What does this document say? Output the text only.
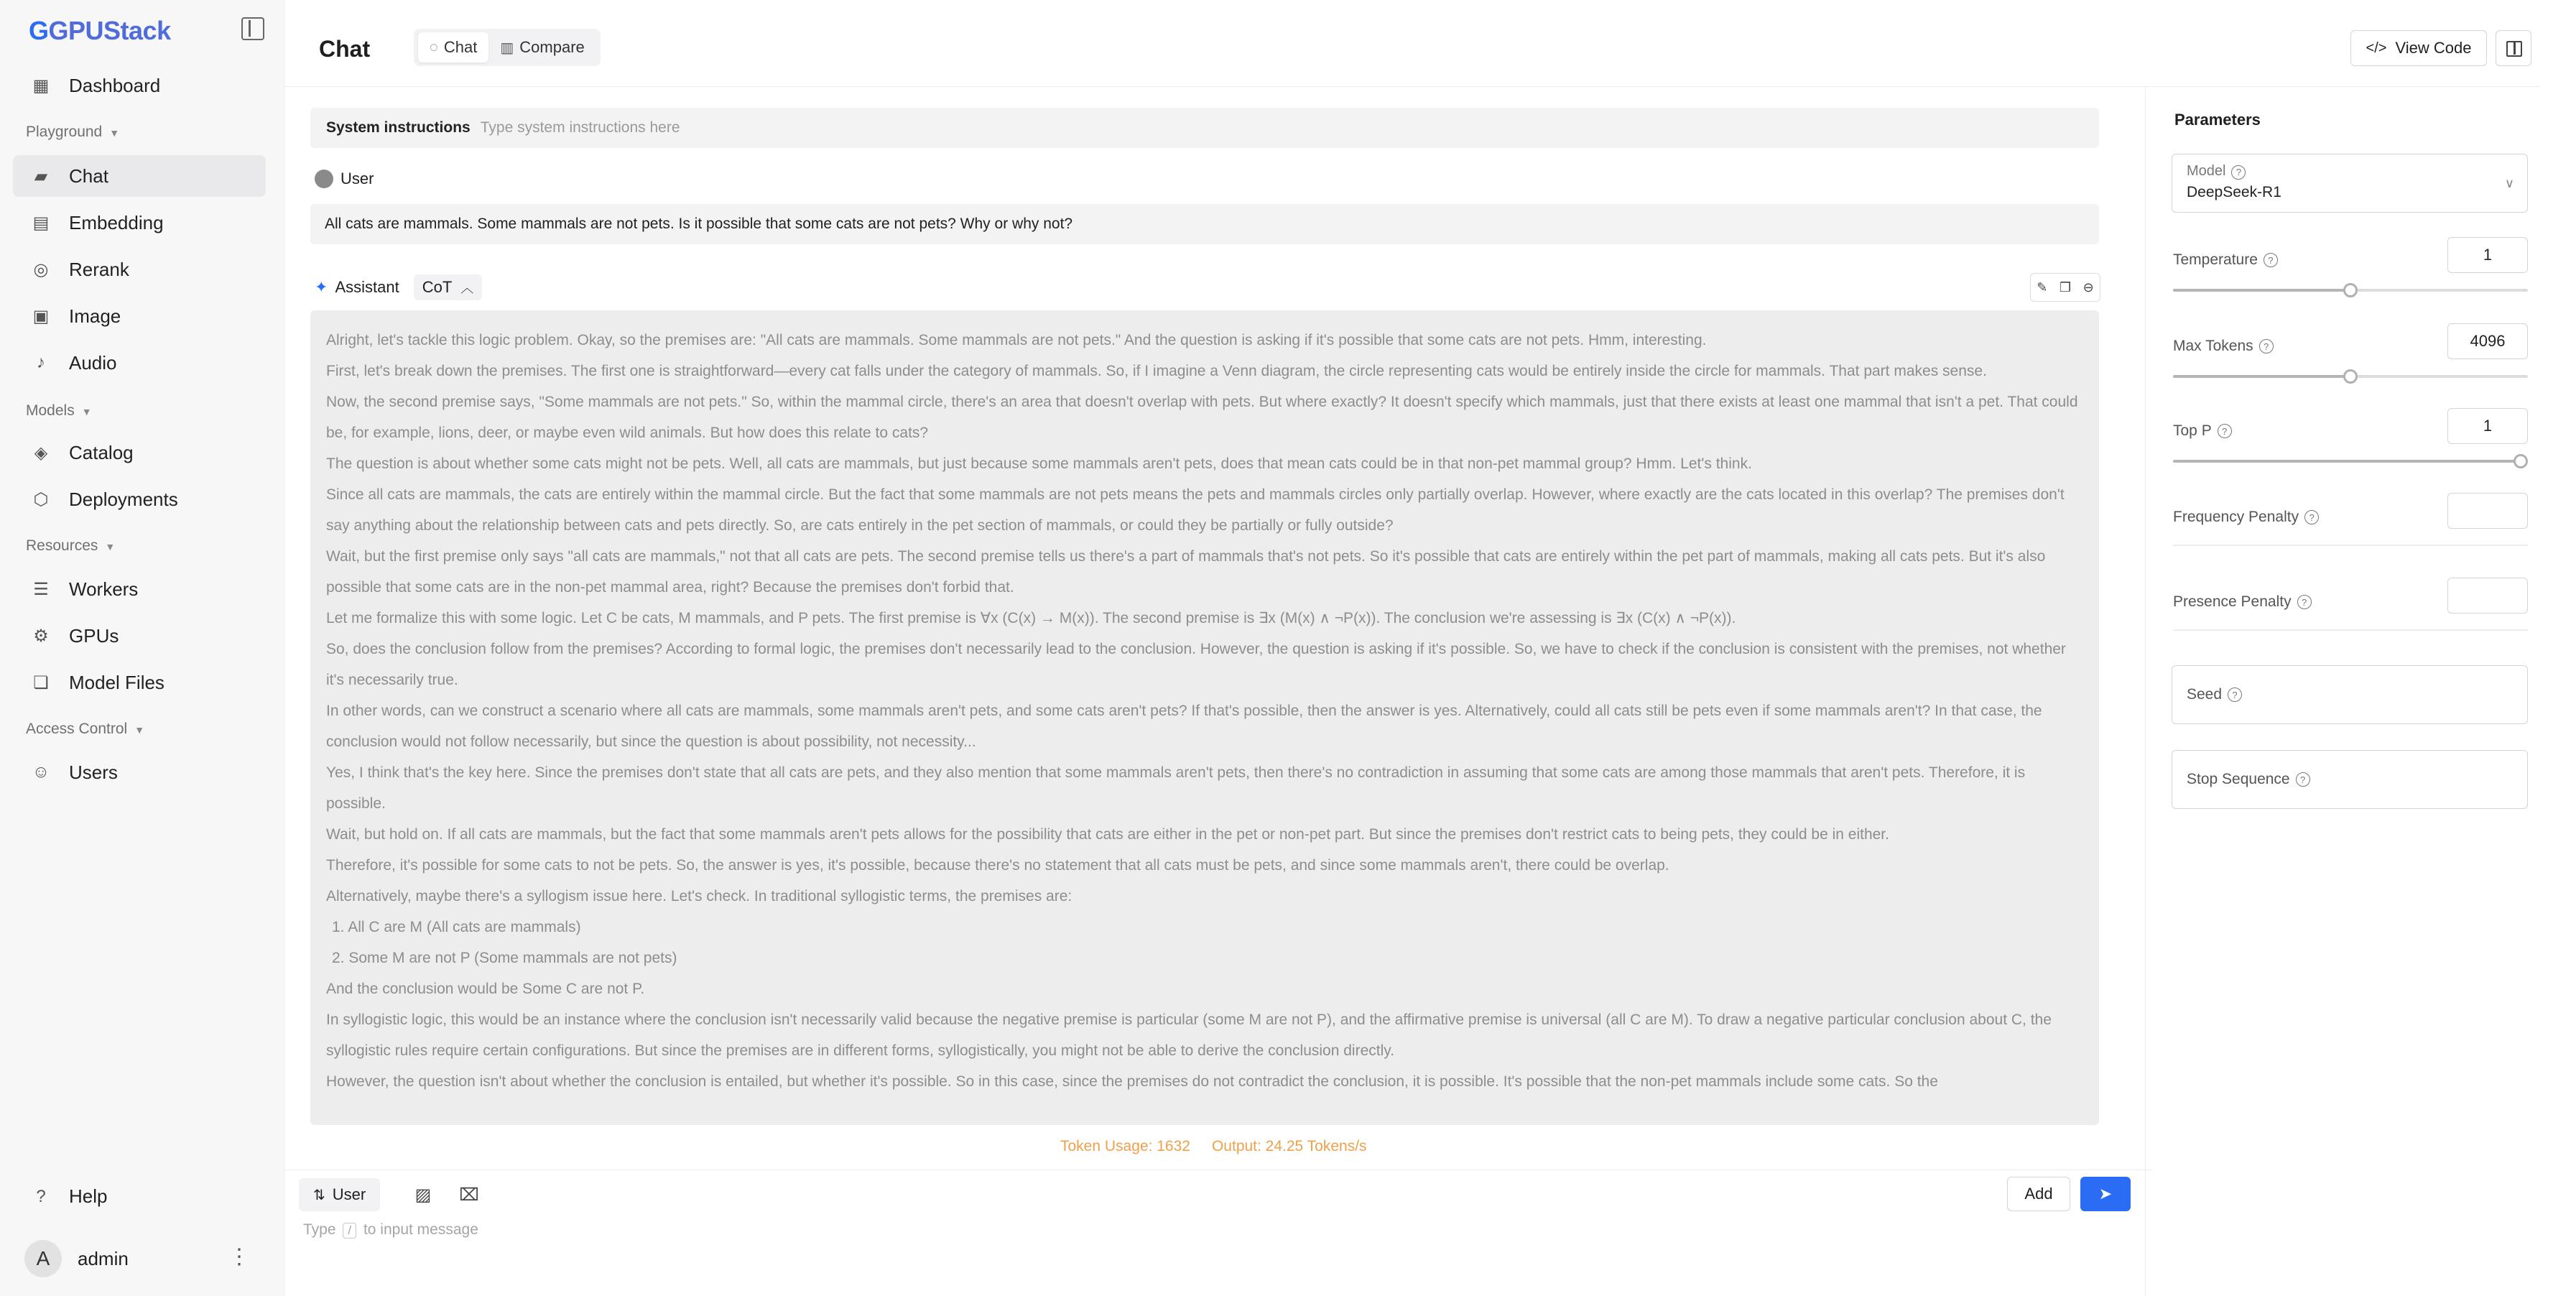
GGPUStack
▦ Dashboard
Playground ▼
▰ Chat
▤ Embedding
◎ Rerank
▣ Image
♪ Audio
Models ▼
◈ Catalog
⬡ Deployments
Resources ▼
☰ Workers
⚙ GPUs
❏ Model Files
Access Control ▼
☺ Users
? Help
A	admin	⋮
Chat	◌ Chat ▥ Compare
System instructions Type system instructions here
User
All cats are mammals. Some mammals are not pets. Is it possible that some cats are not pets? Why or why not?
✦ Assistant CoT ︿	✎ ❐ ⊖

Alright, let's tackle this logic problem. Okay, so the premises are: "All cats are mammals. Some mammals are not pets." And the question is asking if it's possible that some cats are not pets. Hmm, interesting.

First, let's break down the premises. The first one is straightforward—every cat falls under the category of mammals. So, if I imagine a Venn diagram, the circle representing cats would be entirely inside the circle for mammals. That part makes sense.

Now, the second premise says, "Some mammals are not pets." So, within the mammal circle, there's an area that doesn't overlap with pets. But where exactly? It doesn't specify which mammals, just that there exists at least one mammal that isn't a pet. That could be, for example, lions, deer, or maybe even wild animals. But how does this relate to cats?

The question is about whether some cats might not be pets. Well, all cats are mammals, but just because some mammals aren't pets, does that mean cats could be in that non-pet mammal group? Hmm. Let's think.

Since all cats are mammals, the cats are entirely within the mammal circle. But the fact that some mammals are not pets means the pets and mammals circles only partially overlap. However, where exactly are the cats located in this overlap? The premises don't say anything about the relationship between cats and pets directly. So, are cats entirely in the pet section of mammals, or could they be partially or fully outside?

Wait, but the first premise only says "all cats are mammals," not that all cats are pets. The second premise tells us there's a part of mammals that's not pets. So it's possible that cats are entirely within the pet part of mammals, making all cats pets. But it's also possible that some cats are in the non-pet mammal area, right? Because the premises don't forbid that.

Let me formalize this with some logic. Let C be cats, M mammals, and P pets. The first premise is ∀x (C(x) → M(x)). The second premise is ∃x (M(x) ∧ ¬P(x)). The conclusion we're assessing is ∃x (C(x) ∧ ¬P(x)).

So, does the conclusion follow from the premises? According to formal logic, the premises don't necessarily lead to the conclusion. However, the question is asking if it's possible. So, we have to check if the conclusion is consistent with the premises, not whether it's necessarily true.

In other words, can we construct a scenario where all cats are mammals, some mammals aren't pets, and some cats aren't pets? If that's possible, then the answer is yes. Alternatively, could all cats still be pets even if some mammals aren't? In that case, the conclusion would not follow necessarily, but since the question is about possibility, not necessity...

Yes, I think that's the key here. Since the premises don't state that all cats are pets, and they also mention that some mammals aren't pets, then there's no contradiction in assuming that some cats are among those mammals that aren't pets. Therefore, it is possible.

Wait, but hold on. If all cats are mammals, but the fact that some mammals aren't pets allows for the possibility that cats are either in the pet or non-pet part. But since the premises don't restrict cats to being pets, they could be in either.

Therefore, it's possible for some cats to not be pets. So, the answer is yes, it's possible, because there's no statement that all cats must be pets, and since some mammals aren't, there could be overlap.

Alternatively, maybe there's a syllogism issue here. Let's check. In traditional syllogistic terms, the premises are:

1. All C are M (All cats are mammals)

2. Some M are not P (Some mammals are not pets)

And the conclusion would be Some C are not P.

In syllogistic logic, this would be an instance where the conclusion isn't necessarily valid because the negative premise is particular (some M are not P), and the affirmative premise is universal (all C are M). To draw a negative particular conclusion about C, the syllogistic rules require certain configurations. But since the premises are in different forms, syllogistically, you might not be able to derive the conclusion directly.

However, the question isn't about whether the conclusion is entailed, but whether it's possible. So in this case, since the premises do not contradict the conclusion, it is possible. It's possible that the non-pet mammals include some cats. So the

Token Usage: 1632 Output: 24.25 Tokens/s
⇅ User	▨ ⌧
Type / to input message
Add	➤
</> View Code
Parameters
Model ?
DeepSeek-R1
∨
Temperature	?	1
Max Tokens	?	4096
Top P	?	1
Frequency Penalty	?
Presence Penalty	?
Seed	?
Stop Sequence	?
